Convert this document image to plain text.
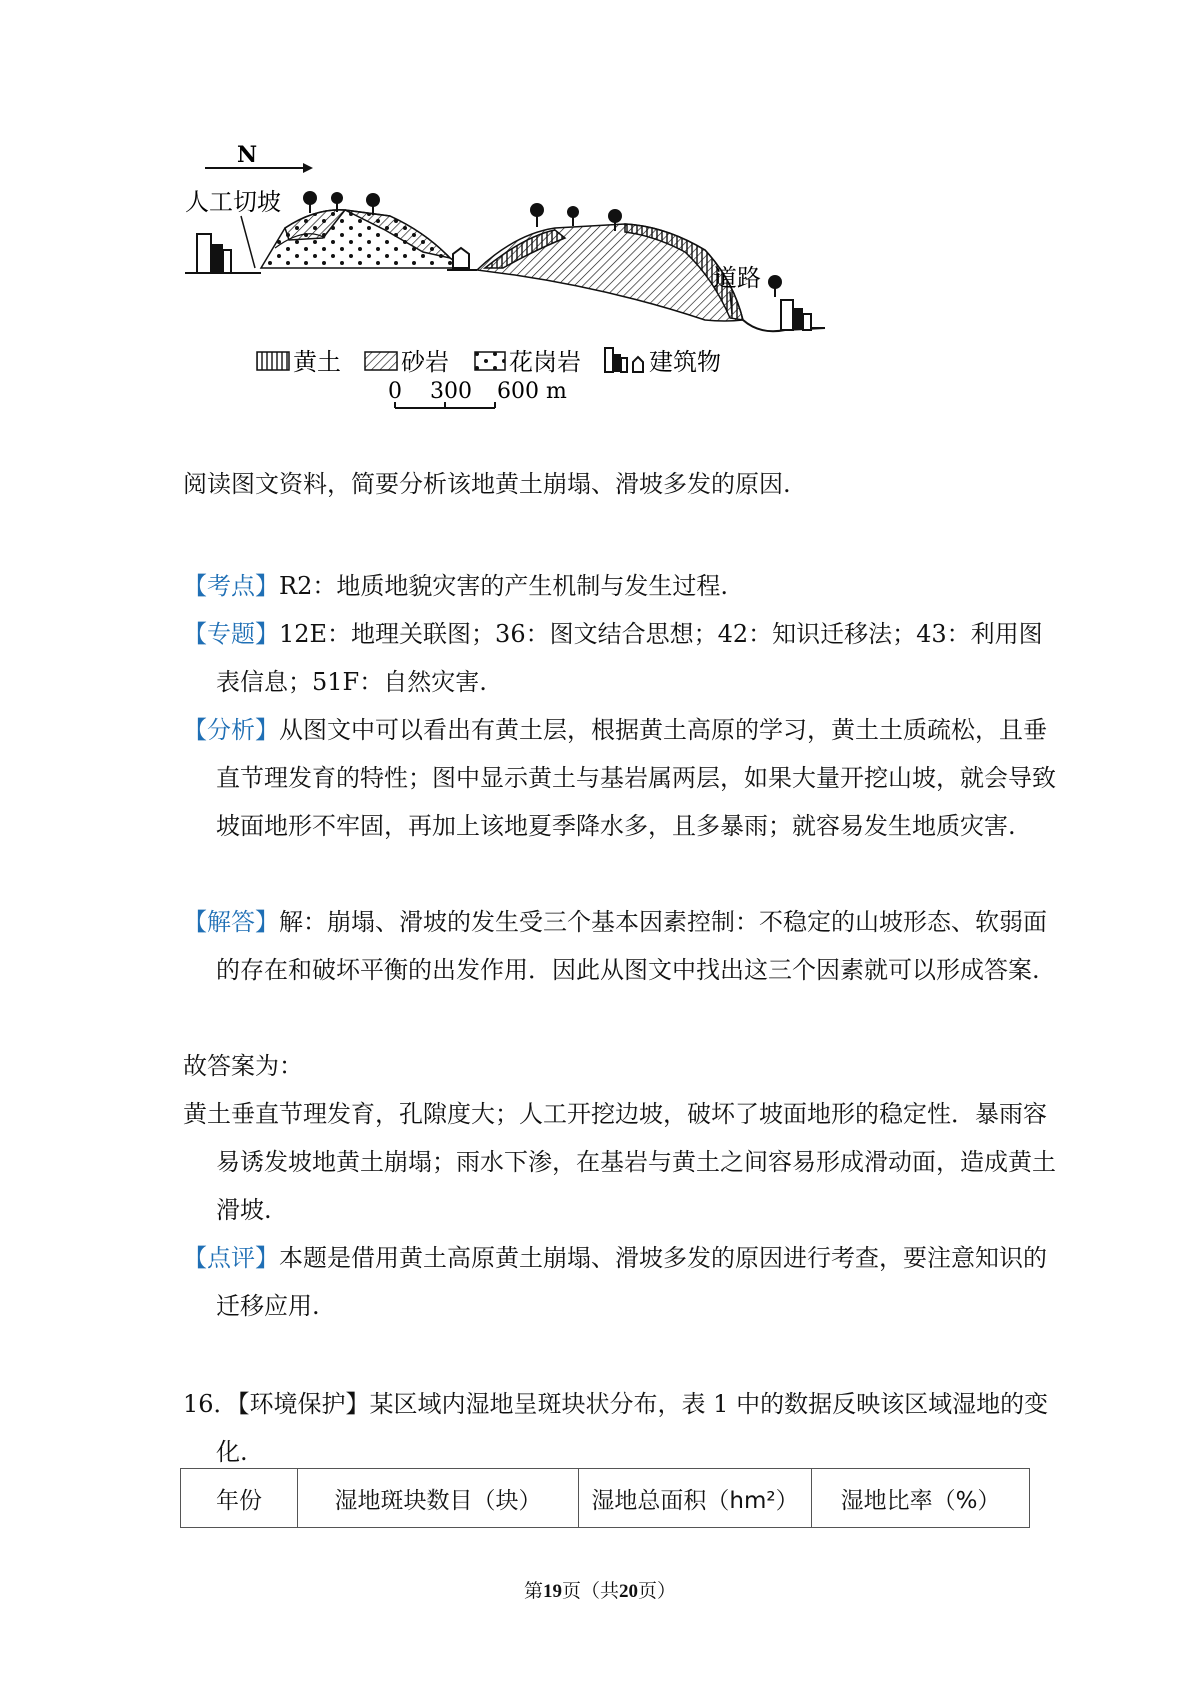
N
人工切坡
道路
黄土	砂岩	花岗岩	建筑物
0 300 600 m
阅读图文资料，简要分析该地黄土崩塌、滑坡多发的原因.
【考点】R2：地质地貌灾害的产生机制与发生过程.
【专题】12E：地理关联图；36：图文结合思想；42：知识迁移法；43：利用图表信息；51F：自然灾害.
【分析】从图文中可以看出有黄土层，根据黄土高原的学习，黄土土质疏松，且垂直节理发育的特性；图中显示黄土与基岩属两层，如果大量开挖山坡，就会导致坡面地形不牢固，再加上该地夏季降水多，且多暴雨；就容易发生地质灾害.
【解答】解：崩塌、滑坡的发生受三个基本因素控制：不稳定的山坡形态、软弱面的存在和破坏平衡的出发作用．因此从图文中找出这三个因素就可以形成答案.
故答案为：
黄土垂直节理发育，孔隙度大；人工开挖边坡，破坏了坡面地形的稳定性．暴雨容易诱发坡地黄土崩塌；雨水下渗，在基岩与黄土之间容易形成滑动面，造成黄土滑坡.
【点评】本题是借用黄土高原黄土崩塌、滑坡多发的原因进行考查，要注意知识的迁移应用.
16．【环境保护】某区域内湿地呈斑块状分布，表 1 中的数据反映该区域湿地的变化.
年份	湿地斑块数目（块）	湿地总面积（hm²）	湿地比率（%）
第19页（共20页）
